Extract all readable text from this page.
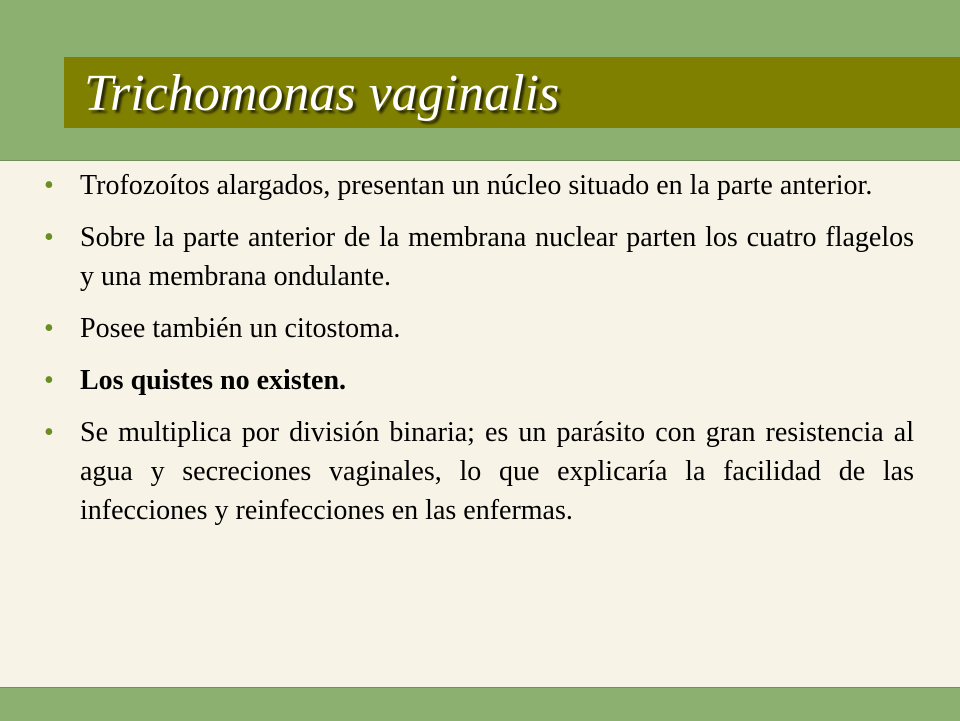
Trichomonas vaginalis
• Trofozoítos alargados, presentan un núcleo situado en la parte anterior.
• Sobre la parte anterior de la membrana nuclear parten los cuatro flagelos y una membrana ondulante.
• Posee también un citostoma.
• Los quistes no existen.
• Se multiplica por división binaria; es un parásito con gran resistencia al agua y secreciones vaginales, lo que explicaría la facilidad de las infecciones y reinfecciones en las enfermas.
